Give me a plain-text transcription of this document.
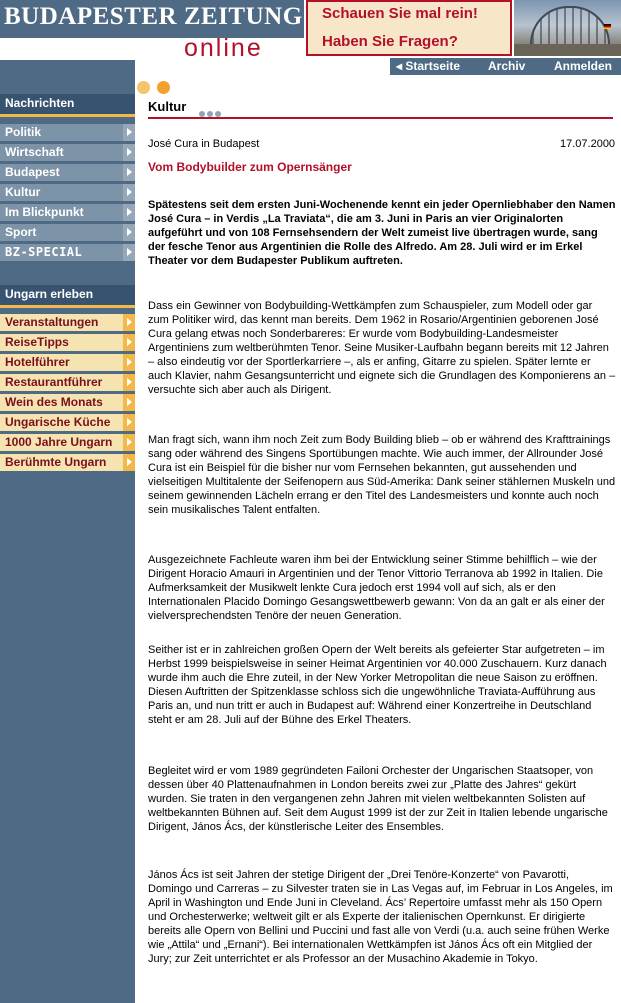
BUDAPESTER ZEITUNG

online
Schauen Sie mal rein!
Haben Sie Fragen?
◂ Startseite Archiv Anmelden
Nachrichten
Politik
Wirtschaft
Budapest
Kultur
Im Blickpunkt
Sport
BZ-SPECIAL
Ungarn erleben
Veranstaltungen
ReiseTipps
Hotelführer
Restaurantführer
Wein des Monats
Ungarische Küche
1000 Jahre Ungarn
Berühmte Ungarn
Kultur
José Cura in Budapest	17.07.2000
Vom Bodybuilder zum Opernsänger
Spätestens seit dem ersten Juni-Wochenende kennt ein jeder Opernliebhaber den Namen José Cura – in Verdis „La Traviata“, die am 3. Juni in Paris an vier Originalorten aufgeführt und von 108 Fernsehsendern der Welt zumeist live übertragen wurde, sang der fesche Tenor aus Argentinien die Rolle des Alfredo. Am 28. Juli wird er im Erkel Theater vor dem Budapester Publikum auftreten.

Dass ein Gewinner von Bodybuilding-Wettkämpfen zum Schauspieler, zum Modell oder gar zum Politiker wird, das kennt man bereits. Dem 1962 in Rosario/Argentinien geborenen José Cura gelang etwas noch Sonderbareres: Er wurde vom Bodybuilding-Landesmeister Argentiniens zum weltberühmten Tenor. Seine Musiker-Laufbahn begann bereits mit 12 Jahren – also eindeutig vor der Sportlerkarriere –, als er anfing, Gitarre zu spielen. Später lernte er auch Klavier, nahm Gesangsunterricht und eignete sich die Grundlagen des Komponierens an – versuchte sich aber auch als Dirigent.

Man fragt sich, wann ihm noch Zeit zum Body Building blieb – ob er während des Krafttrainings sang oder während des Singens Sportübungen machte. Wie auch immer, der Allrounder José Cura ist ein Beispiel für die bisher nur vom Fernsehen bekannten, gut aussehenden und vielseitigen Multitalente der Seifenopern aus Süd-Amerika: Dank seiner stählernen Muskeln und seinem gewinnenden Lächeln errang er den Titel des Landesmeisters und konnte auch noch sein musikalisches Talent entfalten.

Ausgezeichnete Fachleute waren ihm bei der Entwicklung seiner Stimme behilflich – wie der Dirigent Horacio Amauri in Argentinien und der Tenor Vittorio Terranova ab 1992 in Italien. Die Aufmerksamkeit der Musikwelt lenkte Cura jedoch erst 1994 voll auf sich, als er den Internationalen Placido Domingo Gesangswettbewerb gewann: Von da an galt er als einer der vielversprechendsten Tenöre der neuen Generation.

Seither ist er in zahlreichen großen Opern der Welt bereits als gefeierter Star aufgetreten – im Herbst 1999 beispielsweise in seiner Heimat Argentinien vor 40.000 Zuschauern. Kurz danach wurde ihm auch die Ehre zuteil, in der New Yorker Metropolitan die neue Saison zu eröffnen. Diesen Auftritten der Spitzenklasse schloss sich die ungewöhnliche Traviata-Aufführung aus Paris an, und nun tritt er auch in Budapest auf: Während einer Konzertreihe in Deutschland steht er am 28. Juli auf der Bühne des Erkel Theaters.

Begleitet wird er vom 1989 gegründeten Failoni Orchester der Ungarischen Staatsoper, von dessen über 40 Plattenaufnahmen in London bereits zwei zur „Platte des Jahres“ gekürt wurden. Sie traten in den vergangenen zehn Jahren mit vielen weltbekannten Solisten auf weltbekannten Bühnen auf. Seit dem August 1999 ist der zur Zeit in Italien lebende ungarische Dirigent, János Ács, der künstlerische Leiter des Ensembles.

János Ács ist seit Jahren der stetige Dirigent der „Drei Tenöre-Konzerte“ von Pavarotti, Domingo und Carreras – zu Silvester traten sie in Las Vegas auf, im Februar in Los Angeles, im April in Washington und Ende Juni in Cleveland. Ács’ Repertoire umfasst mehr als 150 Opern und Orchesterwerke; weltweit gilt er als Experte der italienischen Opernkunst. Er dirigierte bereits alle Opern von Bellini und Puccini und fast alle von Verdi (u.a. auch seine frühen Werke wie „Attila“ und „Ernani“). Bei internationalen Wettkämpfen ist János Ács oft ein Mitglied der Jury; zur Zeit unterrichtet er als Professor an der Musachino Akademie in Tokyo.
